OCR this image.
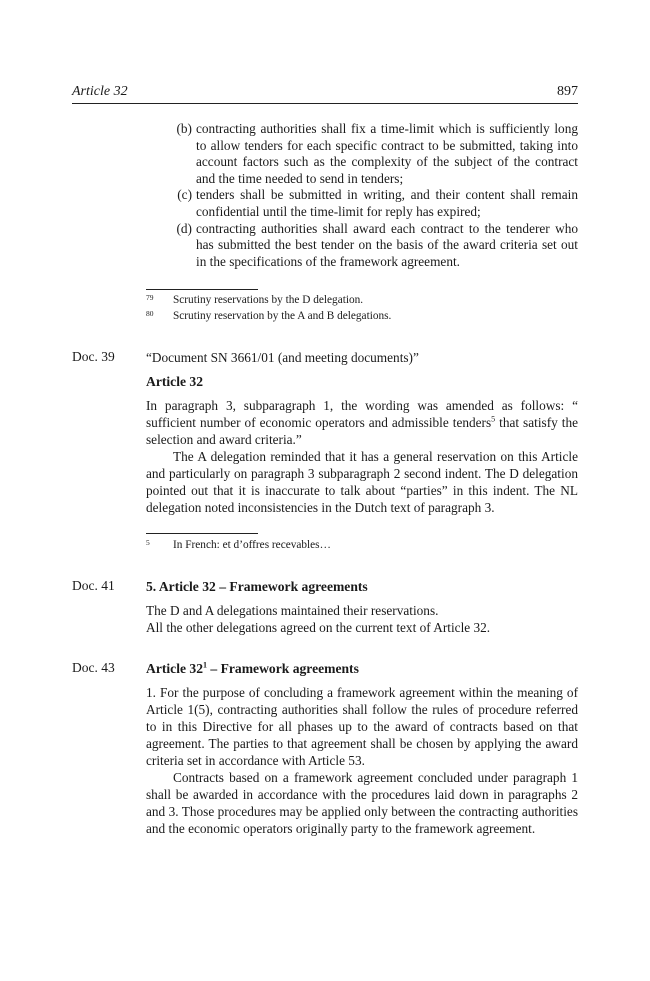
Article 32	897
(b) contracting authorities shall fix a time-limit which is sufficiently long to allow tenders for each specific contract to be submitted, taking into account factors such as the complexity of the subject of the contract and the time needed to send in tenders;
(c) tenders shall be submitted in writing, and their content shall remain confidential until the time-limit for reply has expired;
(d) contracting authorities shall award each contract to the tenderer who has submitted the best tender on the basis of the award criteria set out in the specifications of the framework agreement.
79	Scrutiny reservations by the D delegation.
80	Scrutiny reservation by the A and B delegations.
Doc. 39 “Document SN 3661/01 (and meeting documents)”
Article 32
In paragraph 3, subparagraph 1, the wording was amended as follows: “ sufficient number of economic operators and admissible tenders$^5$ that satisfy the selection and award criteria.”
The A delegation reminded that it has a general reservation on this Article and particularly on paragraph 3 subparagraph 2 second indent. The D delegation pointed out that it is inaccurate to talk about “parties” in this indent. The NL delegation noted inconsistencies in the Dutch text of paragraph 3.
5	In French: et d’offres recevables…
Doc. 41 5. Article 32 – Framework agreements
The D and A delegations maintained their reservations.
All the other delegations agreed on the current text of Article 32.
Doc. 43 Article $32^1$ – Framework agreements
1. For the purpose of concluding a framework agreement within the meaning of Article 1(5), contracting authorities shall follow the rules of procedure referred to in this Directive for all phases up to the award of contracts based on that agreement. The parties to that agreement shall be chosen by applying the award criteria set in accordance with Article 53.
Contracts based on a framework agreement concluded under paragraph 1 shall be awarded in accordance with the procedures laid down in paragraphs 2 and 3. Those procedures may be applied only between the contracting authorities and the economic operators originally party to the framework agreement.
